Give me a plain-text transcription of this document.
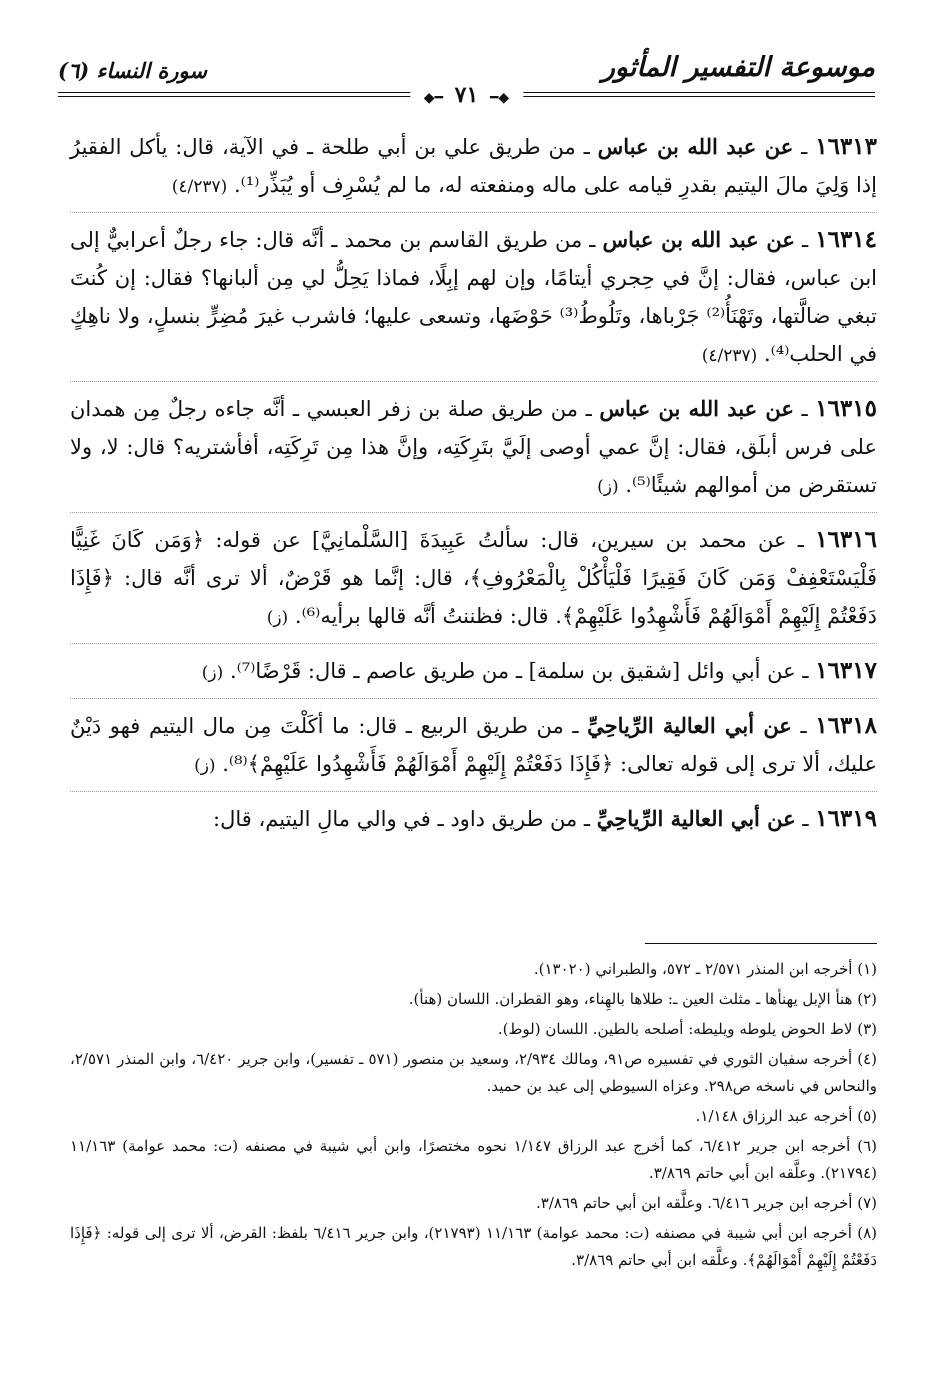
سورة النساء (٦)	موسوعة التفسير المأثور
◆━ ٧١ ━◆

١٦٣١٣ ـ عن عبد الله بن عباس ـ من طريق علي بن أبي طلحة ـ في الآية، قال: يأكل الفقيرُ إذا وَلِيَ مالَ اليتيم بقدرِ قيامه على ماله ومنفعته له، ما لم يُسْرِف أو يُبَذِّر⁽¹⁾. (٤/٢٣٧)

١٦٣١٤ ـ عن عبد الله بن عباس ـ من طريق القاسم بن محمد ـ أنَّه قال: جاء رجلٌ أعرابيٌّ إلى ابن عباس، فقال: إنَّ في حِجري أيتامًا، وإن لهم إبِلًا، فماذا يَحِلُّ لي مِن ألبانها؟ فقال: إن كُنتَ تبغي ضالَّتها، وتَهْنَأُ⁽²⁾ جَرْباها، وتَلُوطُ⁽³⁾ حَوْضَها، وتسعى عليها؛ فاشرب غيرَ مُضِرٍّ بنسلٍ، ولا ناهِكٍ في الحلب⁽⁴⁾. (٤/٢٣٧)

١٦٣١٥ ـ عن عبد الله بن عباس ـ من طريق صلة بن زفر العبسي ـ أنَّه جاءه رجلٌ مِن همدان على فرس أبلَق، فقال: إنَّ عمي أوصى إلَيَّ بتَرِكَتِه، وإنَّ هذا مِن تَرِكَتِه، أفأشتريه؟ قال: لا، ولا تستقرض من أموالهم شيئًا⁽⁵⁾. (ز)

١٦٣١٦ ـ عن محمد بن سيرين، قال: سألتُ عَبِيدَةَ [السَّلْمانِيَّ] عن قوله: ﴿وَمَن كَانَ غَنِيًّا فَلْيَسْتَعْفِفْ وَمَن كَانَ فَقِيرًا فَلْيَأْكُلْ بِالْمَعْرُوفِ﴾، قال: إنَّما هو قَرْضٌ، ألا ترى أنَّه قال: ﴿فَإِذَا دَفَعْتُمْ إِلَيْهِمْ أَمْوَالَهُمْ فَأَشْهِدُوا عَلَيْهِمْ﴾. قال: فظننتُ أنَّه قالها برأيه⁽⁶⁾. (ز)

١٦٣١٧ ـ عن أبي وائل [شقيق بن سلمة] ـ من طريق عاصم ـ قال: قَرْضًا⁽⁷⁾. (ز)

١٦٣١٨ ـ عن أبي العالية الرِّياحِيِّ ـ من طريق الربيع ـ قال: ما أكَلْتَ مِن مال اليتيم فهو دَيْنٌ عليك، ألا ترى إلى قوله تعالى: ﴿فَإِذَا دَفَعْتُمْ إِلَيْهِمْ أَمْوَالَهُمْ فَأَشْهِدُوا عَلَيْهِمْ﴾⁽⁸⁾. (ز)

١٦٣١٩ ـ عن أبي العالية الرِّياحِيِّ ـ من طريق داود ـ في والي مالِ اليتيم، قال:

(١) أخرجه ابن المنذر ٢/٥٧١ ـ ٥٧٢، والطبراني (١٣٠٢٠).

(٢) هنأ الإبل يهنأها ـ مثلث العين ـ: طلاها بالهِناء، وهو القطران. اللسان (هنأ).

(٣) لاط الحوض يلوطه ويليطه: أصلحه بالطين. اللسان (لوط).

(٤) أخرجه سفيان الثوري في تفسيره ص٩١، ومالك ٢/٩٣٤، وسعيد بن منصور (٥٧١ ـ تفسير)، وابن جرير ٦/٤٢٠، وابن المنذر ٢/٥٧١، والنحاس في ناسخه ص٢٩٨. وعزاه السيوطي إلى عبد بن حميد.

(٥) أخرجه عبد الرزاق ١/١٤٨.

(٦) أخرجه ابن جرير ٦/٤١٢، كما أخرج عبد الرزاق ١/١٤٧ نحوه مختصرًا، وابن أبي شيبة في مصنفه (ت: محمد عوامة) ١١/١٦٣ (٢١٧٩٤). وعلَّقه ابن أبي حاتم ٣/٨٦٩.

(٧) أخرجه ابن جرير ٦/٤١٦. وعلَّقه ابن أبي حاتم ٣/٨٦٩.

(٨) أخرجه ابن أبي شيبة في مصنفه (ت: محمد عوامة) ١١/١٦٣ (٢١٧٩٣)، وابن جرير ٦/٤١٦ بلفظ: القرض، ألا ترى إلى قوله: ﴿فَإِذَا دَفَعْتُمْ إِلَيْهِمْ أَمْوَالَهُمْ﴾. وعلَّقه ابن أبي حاتم ٣/٨٦٩.
